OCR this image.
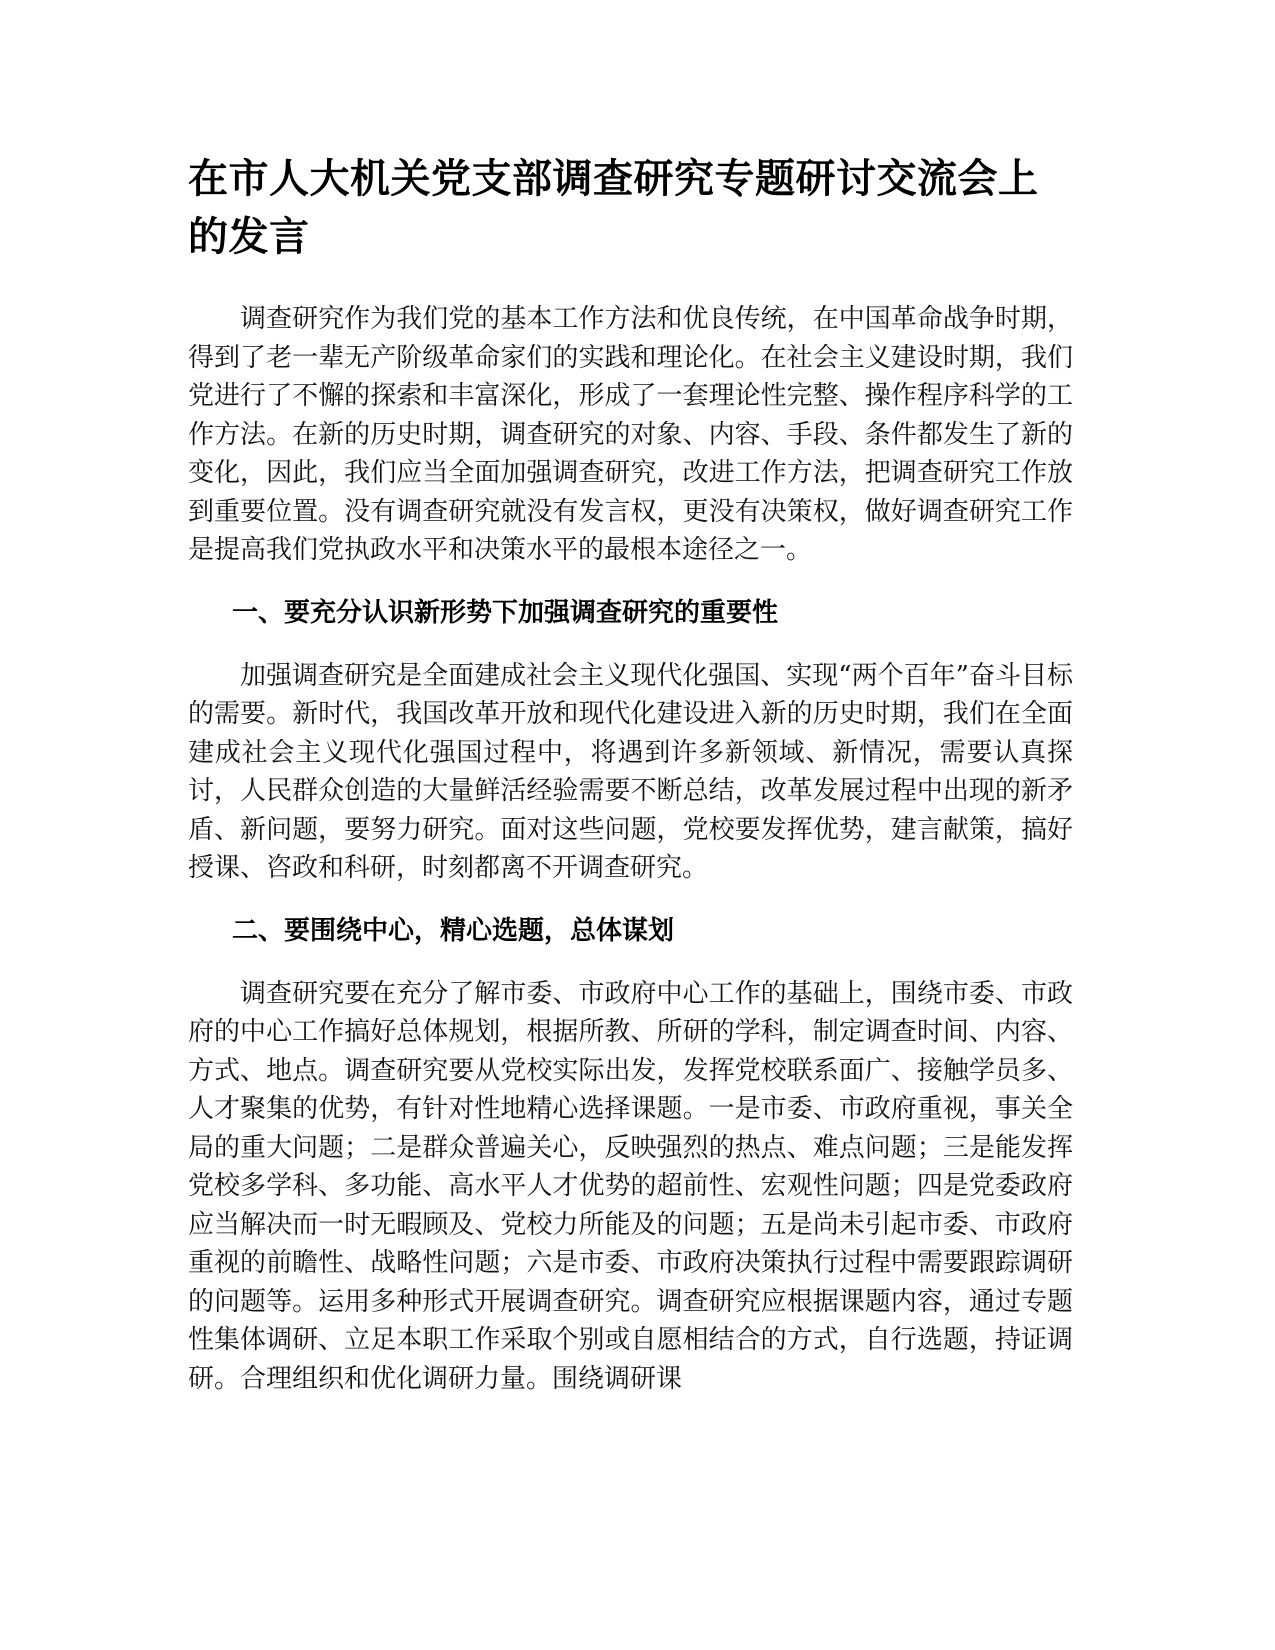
在市人大机关党支部调查研究专题研讨交流会上的发言

调查研究作为我们党的基本工作方法和优良传统，在中国革命战争时期，得到了老一辈无产阶级革命家们的实践和理论化。在社会主义建设时期，我们党进行了不懈的探索和丰富深化，形成了一套理论性完整、操作程序科学的工作方法。在新的历史时期，调查研究的对象、内容、手段、条件都发生了新的变化，因此，我们应当全面加强调查研究，改进工作方法，把调查研究工作放到重要位置。没有调查研究就没有发言权，更没有决策权，做好调查研究工作是提高我们党执政水平和决策水平的最根本途径之一。

一、要充分认识新形势下加强调查研究的重要性

加强调查研究是全面建成社会主义现代化强国、实现“两个百年”奋斗目标的需要。新时代，我国改革开放和现代化建设进入新的历史时期，我们在全面建成社会主义现代化强国过程中，将遇到许多新领域、新情况，需要认真探讨，人民群众创造的大量鲜活经验需要不断总结，改革发展过程中出现的新矛盾、新问题，要努力研究。面对这些问题，党校要发挥优势，建言献策，搞好授课、咨政和科研，时刻都离不开调查研究。

二、要围绕中心，精心选题，总体谋划

调查研究要在充分了解市委、市政府中心工作的基础上，围绕市委、市政府的中心工作搞好总体规划，根据所教、所研的学科，制定调查时间、内容、方式、地点。调查研究要从党校实际出发，发挥党校联系面广、接触学员多、人才聚集的优势，有针对性地精心选择课题。一是市委、市政府重视，事关全局的重大问题；二是群众普遍关心，反映强烈的热点、难点问题；三是能发挥党校多学科、多功能、高水平人才优势的超前性、宏观性问题；四是党委政府应当解决而一时无暇顾及、党校力所能及的问题；五是尚未引起市委、市政府重视的前瞻性、战略性问题；六是市委、市政府决策执行过程中需要跟踪调研的问题等。运用多种形式开展调查研究。调查研究应根据课题内容，通过专题性集体调研、立足本职工作采取个别或自愿相结合的方式，自行选题，持证调研。合理组织和优化调研力量。围绕调研课
